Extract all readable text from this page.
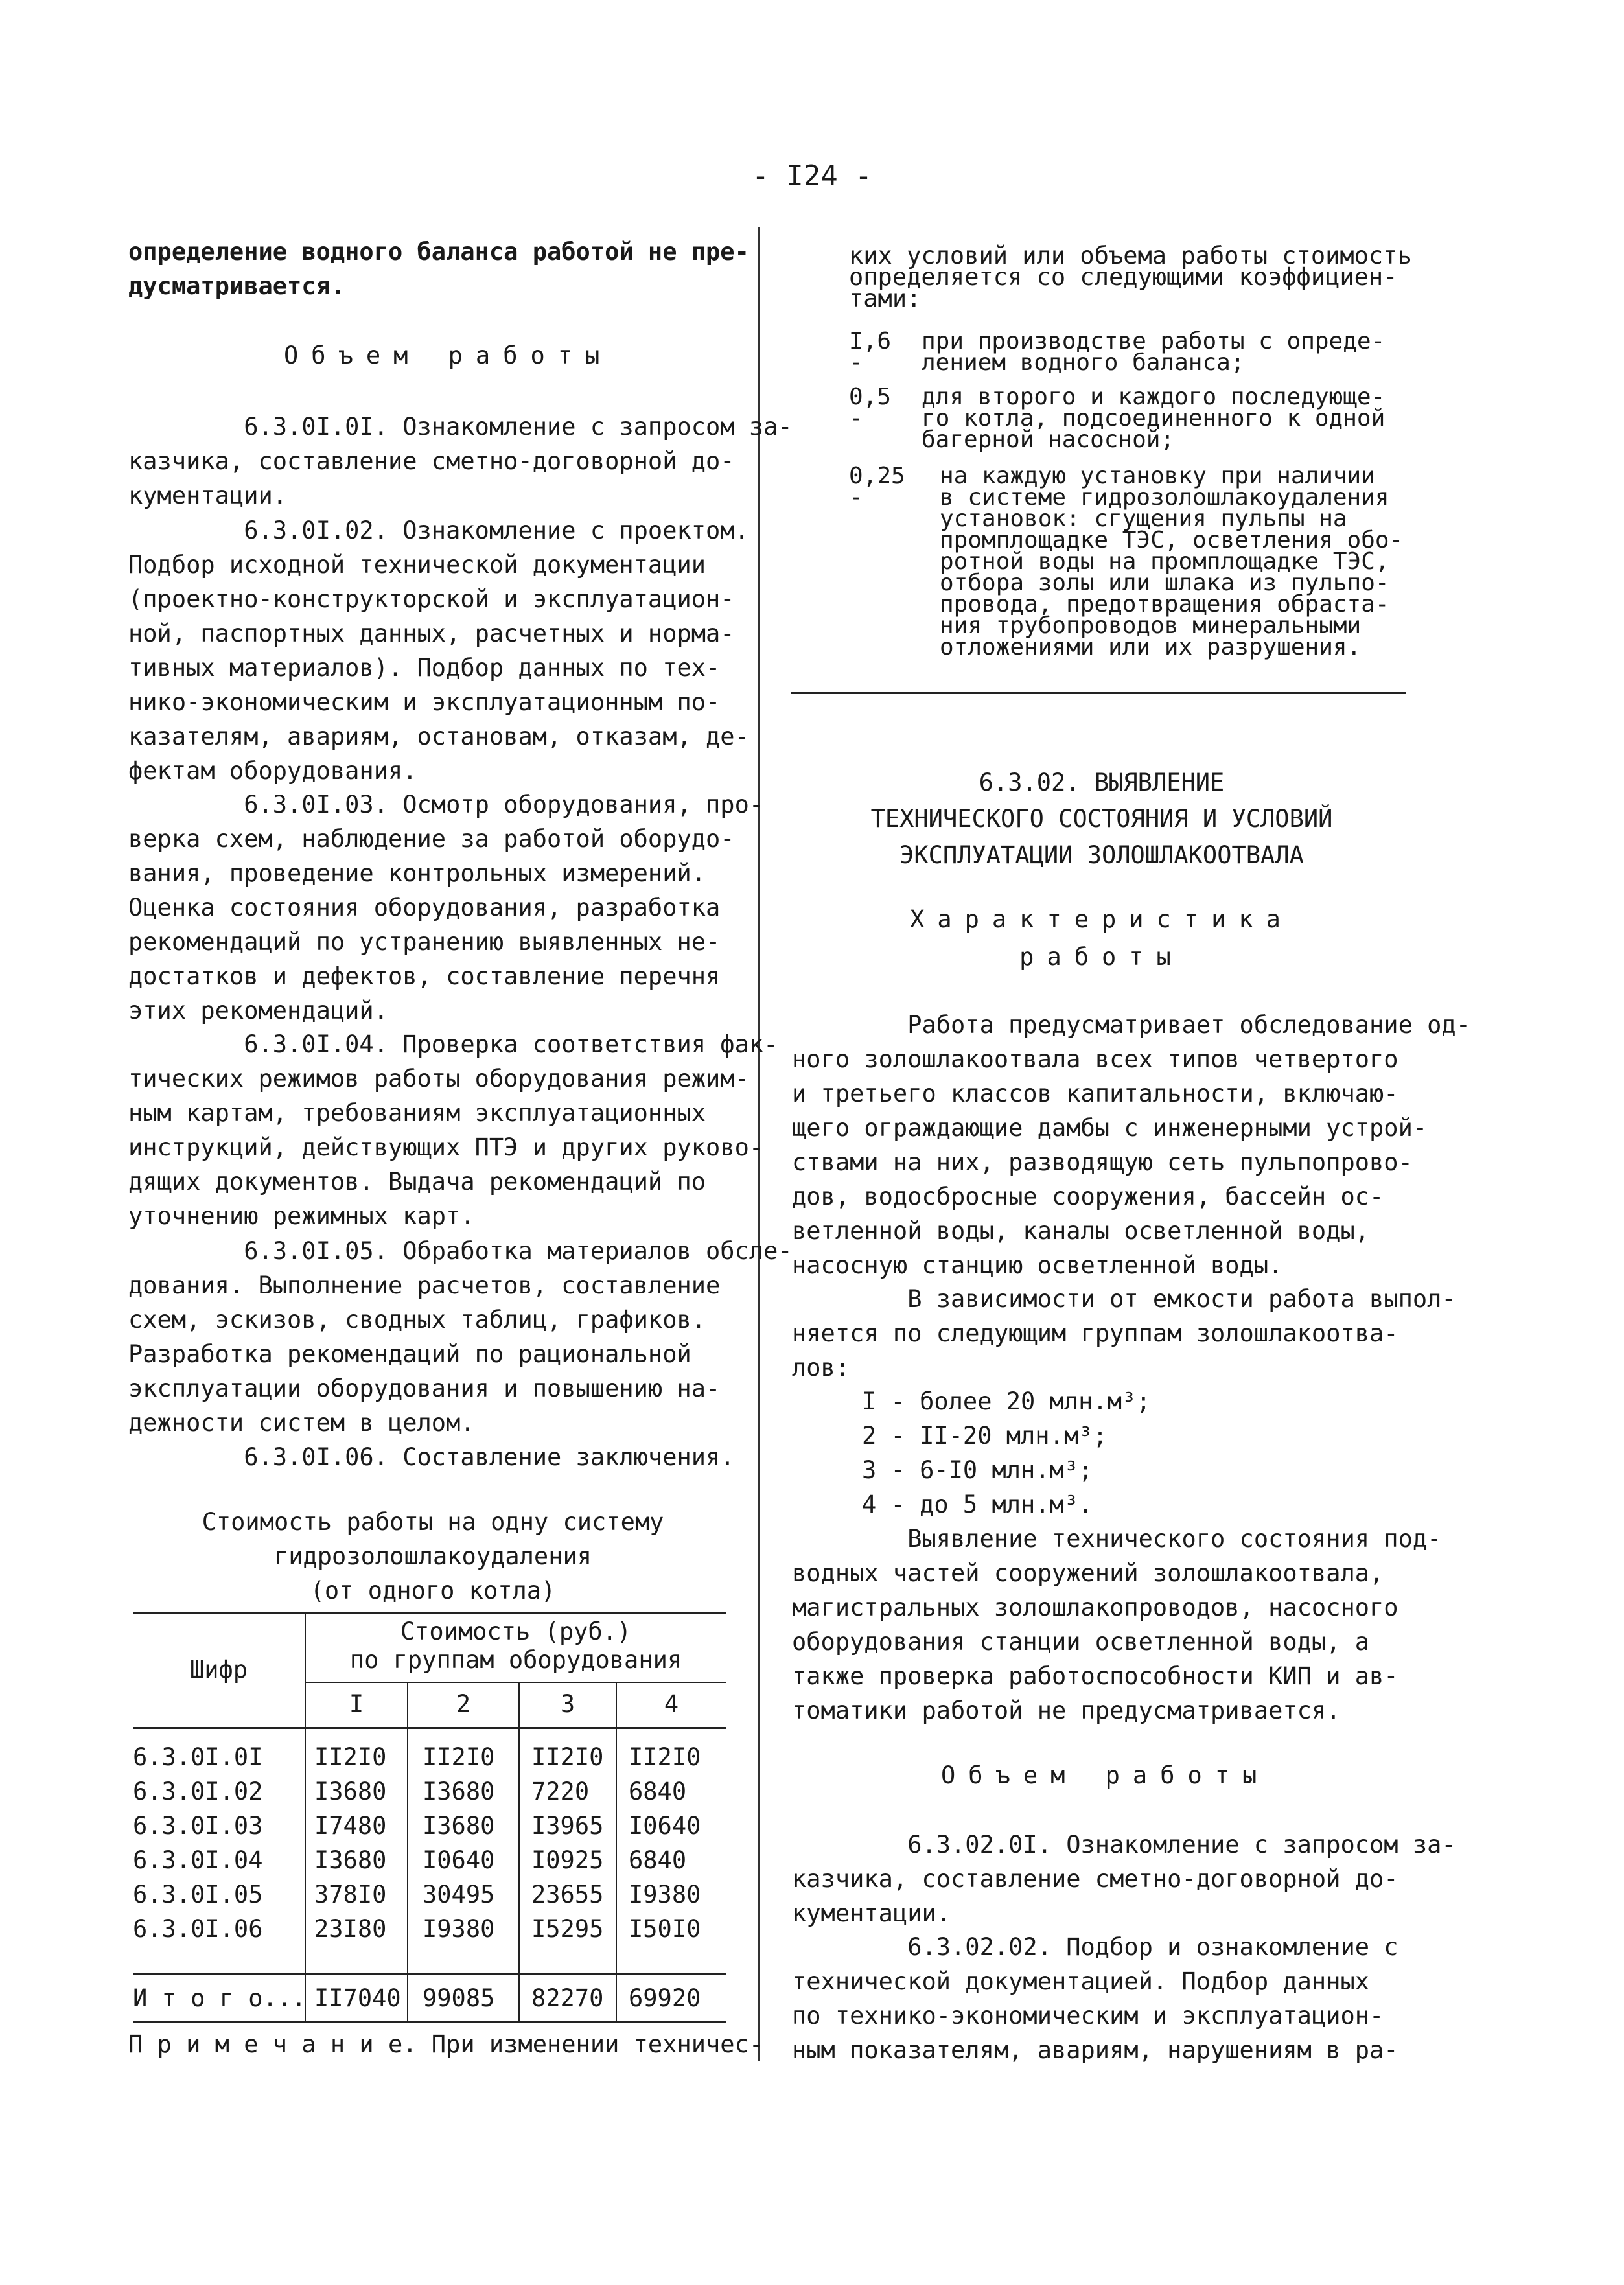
- I24 -
определение водного баланса работой не пре-
дусматривается.
Объем работы
6.3.0I.0I. Ознакомление с запросом за-
казчика, составление сметно-договорной до-
кументации.
6.3.0I.02. Ознакомление с проектом.
Подбор исходной технической документации
(проектно-конструкторской и эксплуатацион-
ной, паспортных данных, расчетных и норма-
тивных материалов). Подбор данных по тех-
нико-экономическим и эксплуатационным по-
казателям, авариям, остановам, отказам, де-
фектам оборудования.
6.3.0I.03. Осмотр оборудования, про-
верка схем, наблюдение за работой оборудо-
вания, проведение контрольных измерений.
Оценка состояния оборудования, разработка
рекомендаций по устранению выявленных не-
достатков и дефектов, составление перечня
этих рекомендаций.
6.3.0I.04. Проверка соответствия фак-
тических режимов работы оборудования режим-
ным картам, требованиям эксплуатационных
инструкций, действующих ПТЭ и других руково-
дящих документов. Выдача рекомендаций по
уточнению режимных карт.
6.3.0I.05. Обработка материалов обсле-
дования. Выполнение расчетов, составление
схем, эскизов, сводных таблиц, графиков.
Разработка рекомендаций по рациональной
эксплуатации оборудования и повышению на-
дежности систем в целом.
6.3.0I.06. Составление заключения.
Стоимость работы на одну систему
гидрозолошлакоудаления
(от одного котла)
Шифр
Стоимость (руб.)
по группам оборудования
I	2	3	4
6.3.0I.0I II2I0 II2I0 II2I0 II2I0
6.3.0I.02 I3680 I3680 7220 6840
6.3.0I.03 I7480 I3680 I3965 I0640
6.3.0I.04 I3680 I0640 I0925 6840
6.3.0I.05 378I0 30495 23655 I9380
6.3.0I.06 23I80 I9380 I5295 I50I0
И т о г о... II7040 99085 82270 69920
П р и м е ч а н и е. При изменении техничес-
ких условий или объема работы стоимость
определяется со следующими коэффициен-
тами:
I,6 -
при производстве работы с опреде-
лением водного баланса;
0,5 -
для второго и каждого последующе-
го котла, подсоединенного к одной
багерной насосной;
0,25 -
на каждую установку при наличии
в системе гидрозолошлакоудаления
установок: сгущения пульпы на
промплощадке ТЭС, осветления обо-
ротной воды на промплощадке ТЭС,
отбора золы или шлака из пульпо-
провода, предотвращения обраста-
ния трубопроводов минеральными
отложениями или их разрушения.
6.3.02. ВЫЯВЛЕНИЕ
ТЕХНИЧЕСКОГО СОСТОЯНИЯ И УСЛОВИЙ
ЭКСПЛУАТАЦИИ ЗОЛОШЛАКООТВАЛА
Характеристика
работы
Работа предусматривает обследование од-
ного золошлакоотвала всех типов четвертого
и третьего классов капитальности, включаю-
щего ограждающие дамбы с инженерными устрой-
ствами на них, разводящую сеть пульпопрово-
дов, водосбросные сооружения, бассейн ос-
ветленной воды, каналы осветленной воды,
насосную станцию осветленной воды.
В зависимости от емкости работа выпол-
няется по следующим группам золошлакоотва-
лов:
I - более 20 млн.м³;
2 - II-20 млн.м³;
3 - 6-I0 млн.м³;
4 - до 5 млн.м³.
Выявление технического состояния под-
водных частей сооружений золошлакоотвала,
магистральных золошлакопроводов, насосного
оборудования станции осветленной воды, а
также проверка работоспособности КИП и ав-
томатики работой не предусматривается.
Объем работы
6.3.02.0I. Ознакомление с запросом за-
казчика, составление сметно-договорной до-
кументации.
6.3.02.02. Подбор и ознакомление с
технической документацией. Подбор данных
по технико-экономическим и эксплуатацион-
ным показателям, авариям, нарушениям в ра-
